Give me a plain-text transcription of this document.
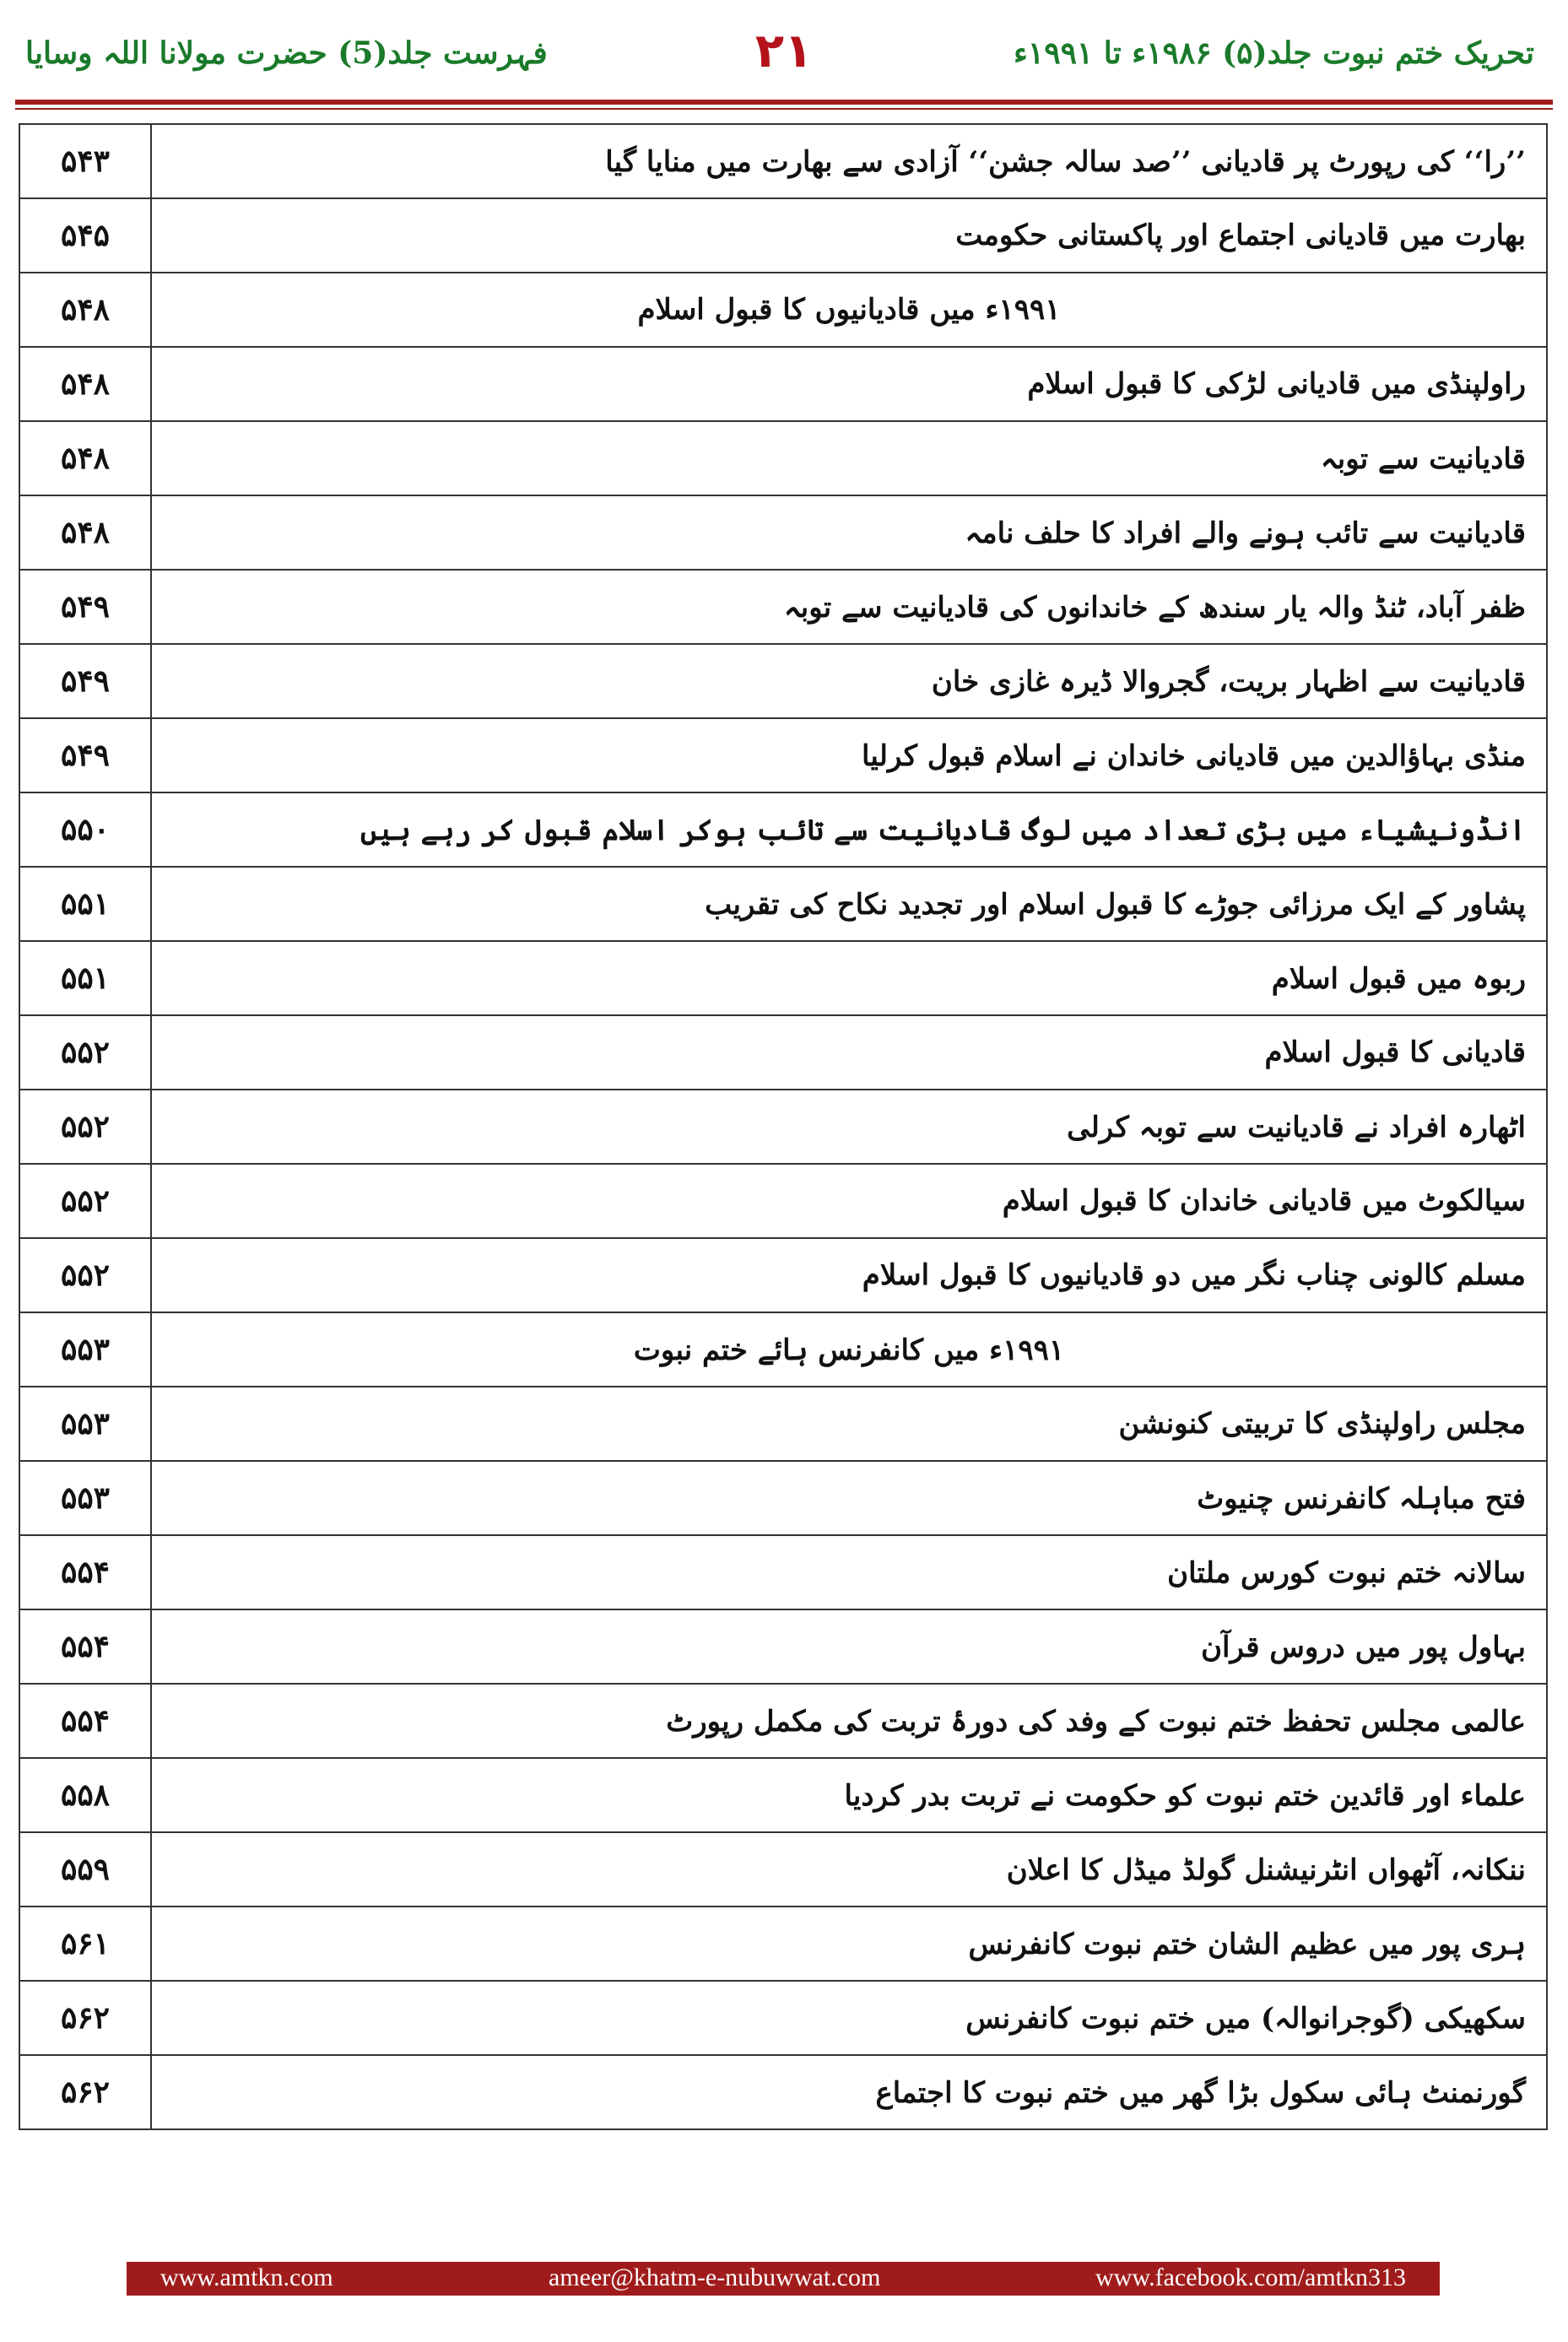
فہرست جلد(5) حضرت مولانا اللہ وسایا	۲۱	تحریک ختم نبوت جلد(۵) ۱۹۸۶ء تا ۱۹۹۱ء
۵۴۳	’’را‘‘ کی رپورٹ پر قادیانی ’’صد سالہ جشن‘‘ آزادی سے بھارت میں منایا گیا
۵۴۵	بھارت میں قادیانی اجتماع اور پاکستانی حکومت
۵۴۸	۱۹۹۱ء میں قادیانیوں کا قبول اسلام
۵۴۸	راولپنڈی میں قادیانی لڑکی کا قبول اسلام
۵۴۸	قادیانیت سے توبہ
۵۴۸	قادیانیت سے تائب ہونے والے افراد کا حلف نامہ
۵۴۹	ظفر آباد، ٹنڈ والہ یار سندھ کے خاندانوں کی قادیانیت سے توبہ
۵۴۹	قادیانیت سے اظہار بریت، گجروالا ڈیرہ غازی خان
۵۴۹	منڈی بہاؤالدین میں قادیانی خاندان نے اسلام قبول کرلیا
۵۵۰	انڈونیشیاء میں بڑی تعداد میں لوگ قادیانیت سے تائب ہوکر اسلام قبول کر رہے ہیں
۵۵۱	پشاور کے ایک مرزائی جوڑے کا قبول اسلام اور تجدید نکاح کی تقریب
۵۵۱	ربوہ میں قبول اسلام
۵۵۲	قادیانی کا قبول اسلام
۵۵۲	اٹھارہ افراد نے قادیانیت سے توبہ کرلی
۵۵۲	سیالکوٹ میں قادیانی خاندان کا قبول اسلام
۵۵۲	مسلم کالونی چناب نگر میں دو قادیانیوں کا قبول اسلام
۵۵۳	۱۹۹۱ء میں کانفرنس ہائے ختم نبوت
۵۵۳	مجلس راولپنڈی کا تربیتی کنونشن
۵۵۳	فتح مباہلہ کانفرنس چنیوٹ
۵۵۴	سالانہ ختم نبوت کورس ملتان
۵۵۴	بہاول پور میں دروس قرآن
۵۵۴	عالمی مجلس تحفظ ختم نبوت کے وفد کی دورۂ تربت کی مکمل رپورٹ
۵۵۸	علماء اور قائدین ختم نبوت کو حکومت نے تربت بدر کردیا
۵۵۹	ننکانہ، آٹھواں انٹرنیشنل گولڈ میڈل کا اعلان
۵۶۱	ہری پور میں عظیم الشان ختم نبوت کانفرنس
۵۶۲	سکھیکی (گوجرانوالہ) میں ختم نبوت کانفرنس
۵۶۲	گورنمنٹ ہائی سکول بڑا گھر میں ختم نبوت کا اجتماع
www.amtkn.com	ameer@khatm-e-nubuwwat.com	www.facebook.com/amtkn313
